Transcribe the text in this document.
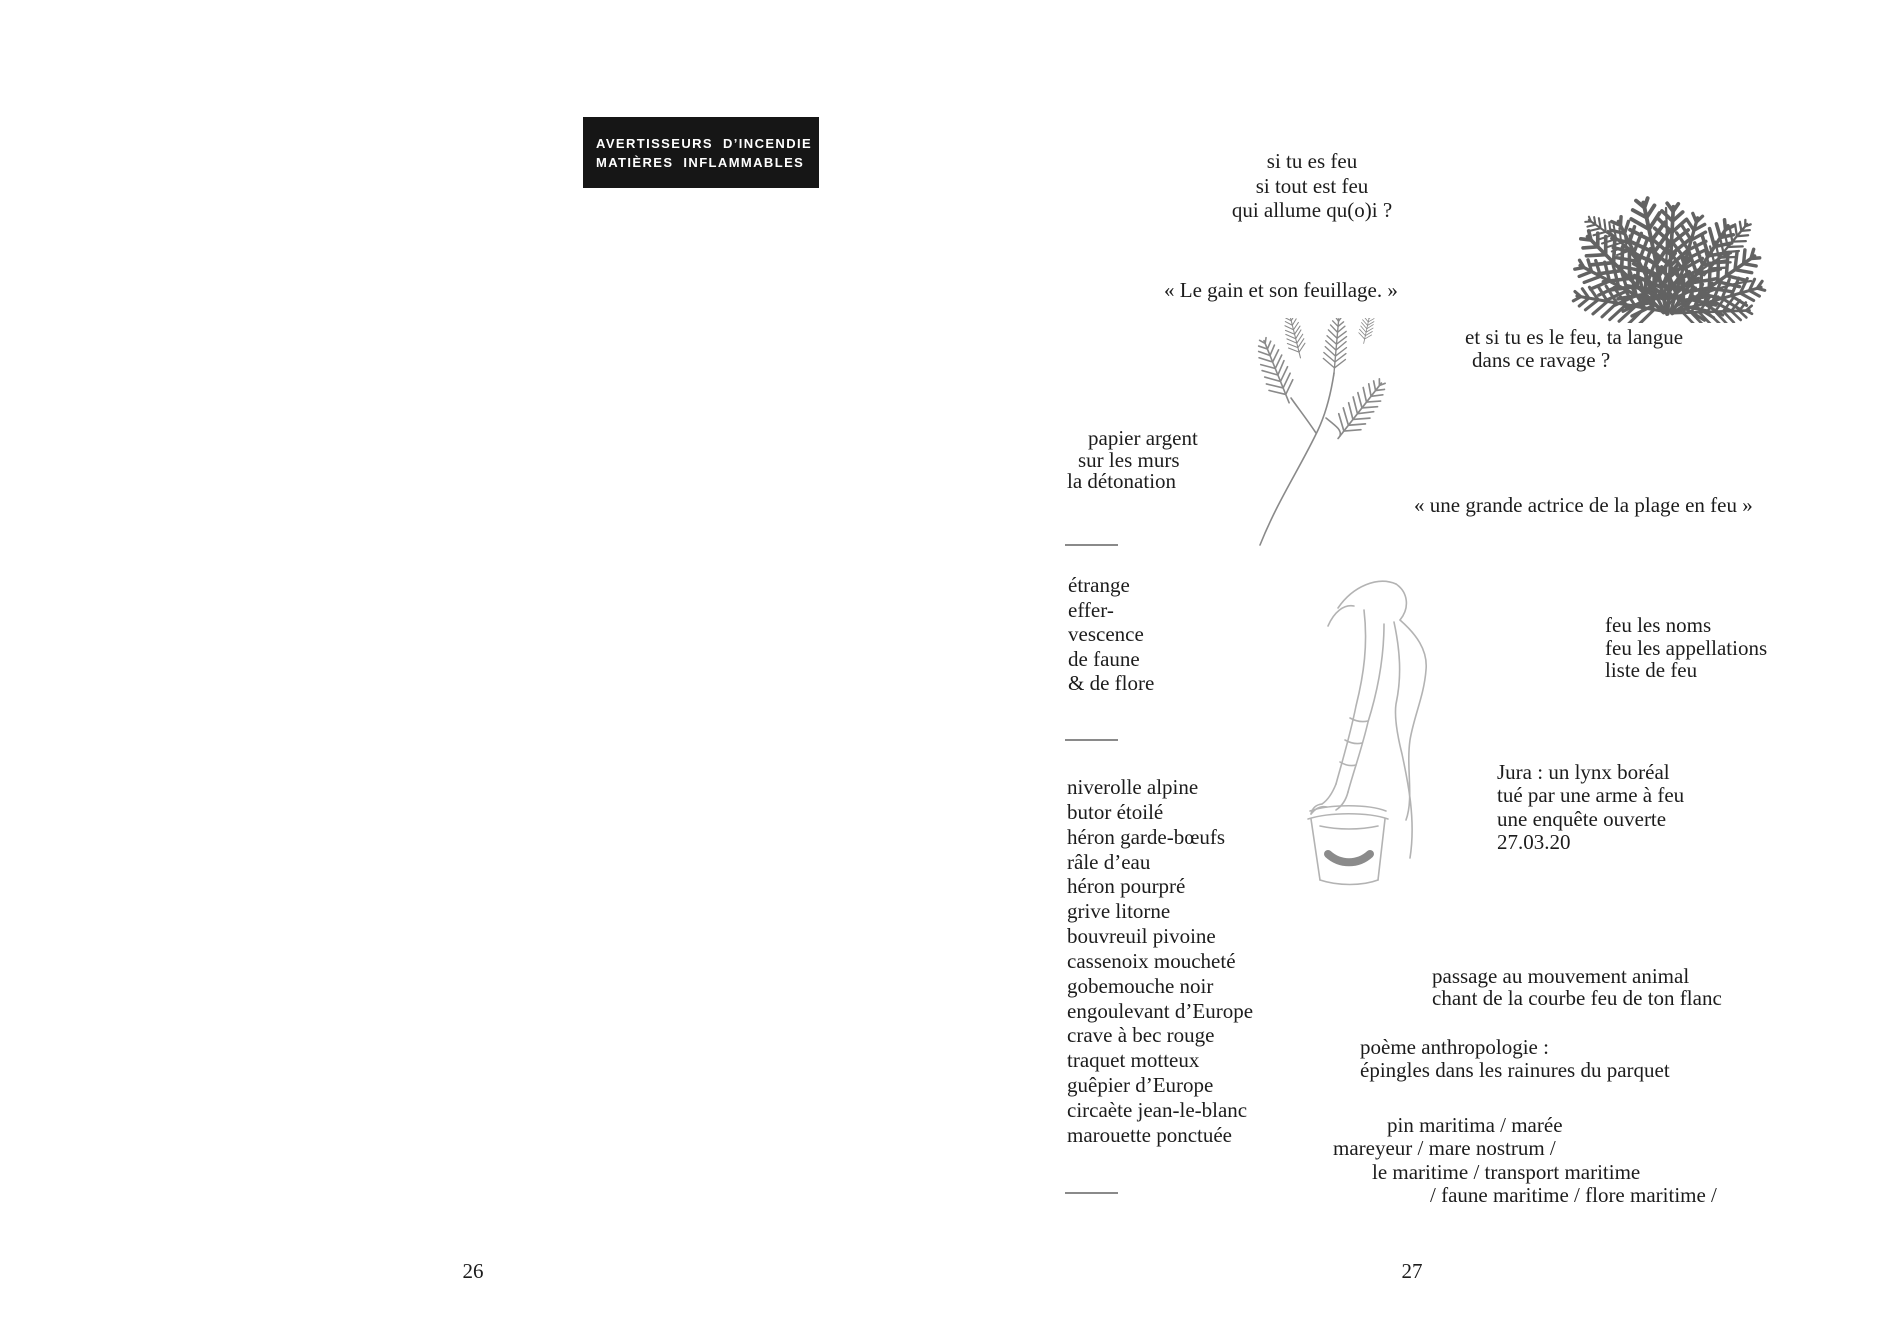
AVERTISSEURS D’INCENDIE
MATIÈRES INFLAMMABLES
26
si tu es feu
si tout est feu
qui allume qu(o)i ?
« Le gain et son feuillage. »
et si tu es le feu, ta langue
dans ce ravage ?
papier argent
sur les murs
la détonation
« une grande actrice de la plage en feu »
étrange
effer-
vescence
de faune
& de flore
feu les noms
feu les appellations
liste de feu
Jura : un lynx boréal
tué par une arme à feu
une enquête ouverte
27.03.20
niverolle alpine
butor étoilé
héron garde-bœufs
râle d’eau
héron pourpré
grive litorne
bouvreuil pivoine
cassenoix moucheté
gobemouche noir
engoulevant d’Europe
crave à bec rouge
traquet motteux
guêpier d’Europe
circaète jean-le-blanc
marouette ponctuée
passage au mouvement animal
chant de la courbe feu de ton flanc
poème anthropologie :
épingles dans les rainures du parquet
pin maritima / marée
mareyeur / mare nostrum /
le maritime / transport maritime
/ faune maritime / flore maritime /
27
